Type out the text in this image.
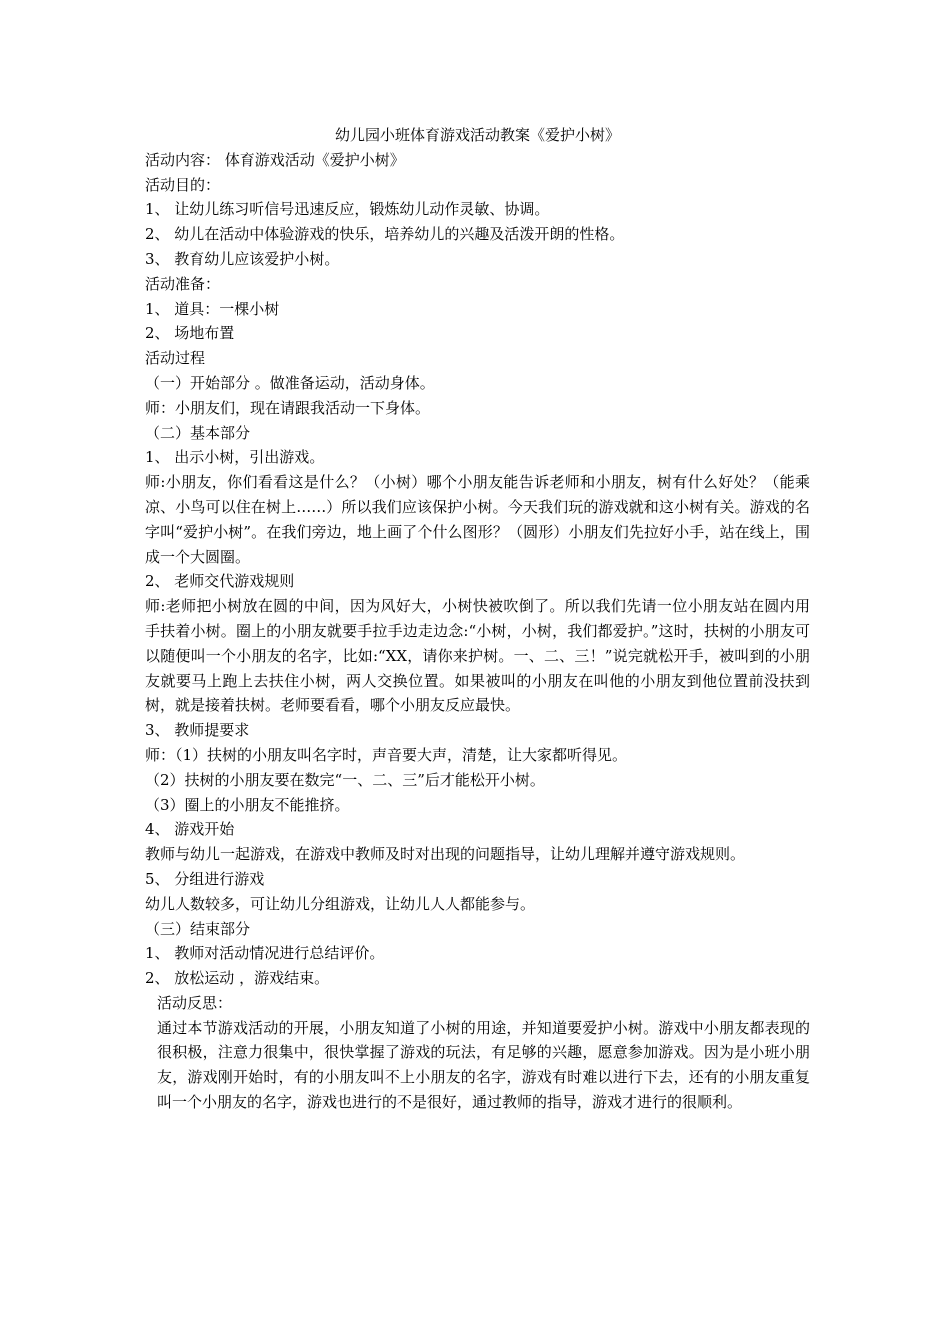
幼儿园小班体育游戏活动教案《爱护小树》

活动内容： 体育游戏活动《爱护小树》

活动目的：

1、 让幼儿练习听信号迅速反应，锻炼幼儿动作灵敏、协调。

2、 幼儿在活动中体验游戏的快乐，培养幼儿的兴趣及活泼开朗的性格。

3、 教育幼儿应该爱护小树。

活动准备：

1、 道具：一棵小树

2、 场地布置

活动过程

（一）开始部分 。做准备运动，活动身体。

师：小朋友们，现在请跟我活动一下身体。

（二）基本部分

1、 出示小树，引出游戏。

师:小朋友，你们看看这是什么？（小树）哪个小朋友能告诉老师和小朋友，树有什么好处？（能乘凉、小鸟可以住在树上……）所以我们应该保护小树。今天我们玩的游戏就和这小树有关。游戏的名字叫“爱护小树”。在我们旁边，地上画了个什么图形？（圆形）小朋友们先拉好小手，站在线上，围成一个大圆圈。

2、 老师交代游戏规则

师:老师把小树放在圆的中间，因为风好大，小树快被吹倒了。所以我们先请一位小朋友站在圆内用手扶着小树。圈上的小朋友就要手拉手边走边念:“小树，小树，我们都爱护。”这时，扶树的小朋友可以随便叫一个小朋友的名字，比如:“XX，请你来护树。一、二、三！”说完就松开手，被叫到的小朋友就要马上跑上去扶住小树，两人交换位置。如果被叫的小朋友在叫他的小朋友到他位置前没扶到树，就是接着扶树。老师要看看，哪个小朋友反应最快。

3、 教师提要求

师：（1）扶树的小朋友叫名字时，声音要大声，清楚，让大家都听得见。

（2）扶树的小朋友要在数完“一、二、三”后才能松开小树。

（3）圈上的小朋友不能推挤。

4、 游戏开始

教师与幼儿一起游戏，在游戏中教师及时对出现的问题指导，让幼儿理解并遵守游戏规则。

5、 分组进行游戏

幼儿人数较多，可让幼儿分组游戏，让幼儿人人都能参与。

（三）结束部分

1、 教师对活动情况进行总结评价。

2、 放松运动 ，游戏结束。

活动反思：

通过本节游戏活动的开展，小朋友知道了小树的用途，并知道要爱护小树。游戏中小朋友都表现的很积极，注意力很集中，很快掌握了游戏的玩法，有足够的兴趣，愿意参加游戏。因为是小班小朋友，游戏刚开始时，有的小朋友叫不上小朋友的名字，游戏有时难以进行下去，还有的小朋友重复叫一个小朋友的名字，游戏也进行的不是很好，通过教师的指导，游戏才进行的很顺利。
